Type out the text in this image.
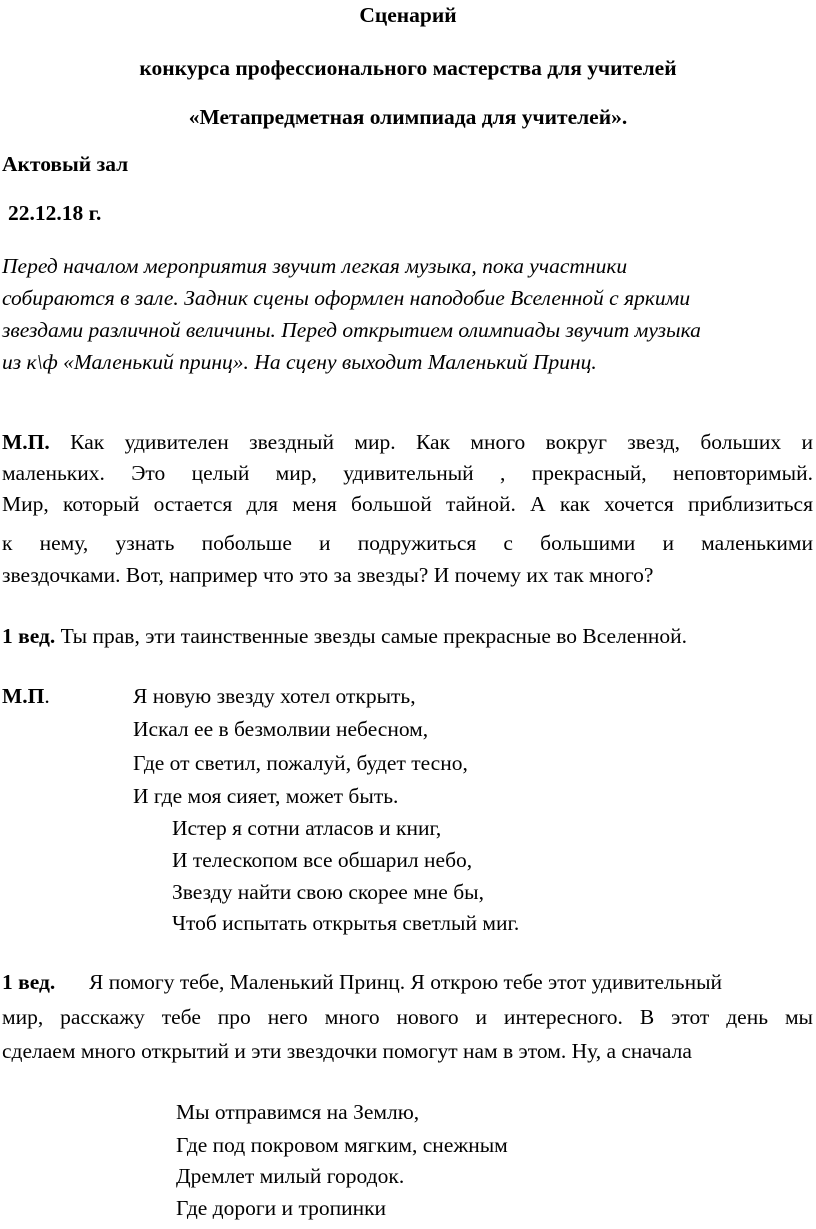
Сценарий
конкурса профессионального мастерства для учителей
«Метапредметная олимпиада для учителей».
Актовый зал
22.12.18 г.
Перед началом мероприятия звучит легкая музыка, пока участники
собираются в зале. Задник сцены оформлен наподобие Вселенной с яркими
звездами различной величины. Перед открытием олимпиады звучит музыка
из к\ф «Маленький принц». На сцену выходит Маленький Принц.
М.П. Как удивителен звездный мир. Как много вокруг звезд, больших и
маленьких. Это целый мир, удивительный , прекрасный, неповторимый.
Мир, который остается для меня большой тайной. А как хочется приблизиться
к нему, узнать побольше и подружиться с большими и маленькими
звездочками. Вот, например что это за звезды? И почему их так много?
1 вед. Ты прав, эти таинственные звезды самые прекрасные во Вселенной.
М.П.	Я новую звезду хотел открыть,
Искал ее в безмолвии небесном,
Где от светил, пожалуй, будет тесно,
И где моя сияет, может быть.
Истер я сотни атласов и книг,
И телескопом все обшарил небо,
Звезду найти свою скорее мне бы,
Чтоб испытать открытья светлый миг.
1 вед. Я помогу тебе, Маленький Принц. Я открою тебе этот удивительный
мир, расскажу тебе про него много нового и интересного. В этот день мы
сделаем много открытий и эти звездочки помогут нам в этом. Ну, а сначала
Мы отправимся на Землю,
Где под покровом мягким, снежным
Дремлет милый городок.
Где дороги и тропинки
